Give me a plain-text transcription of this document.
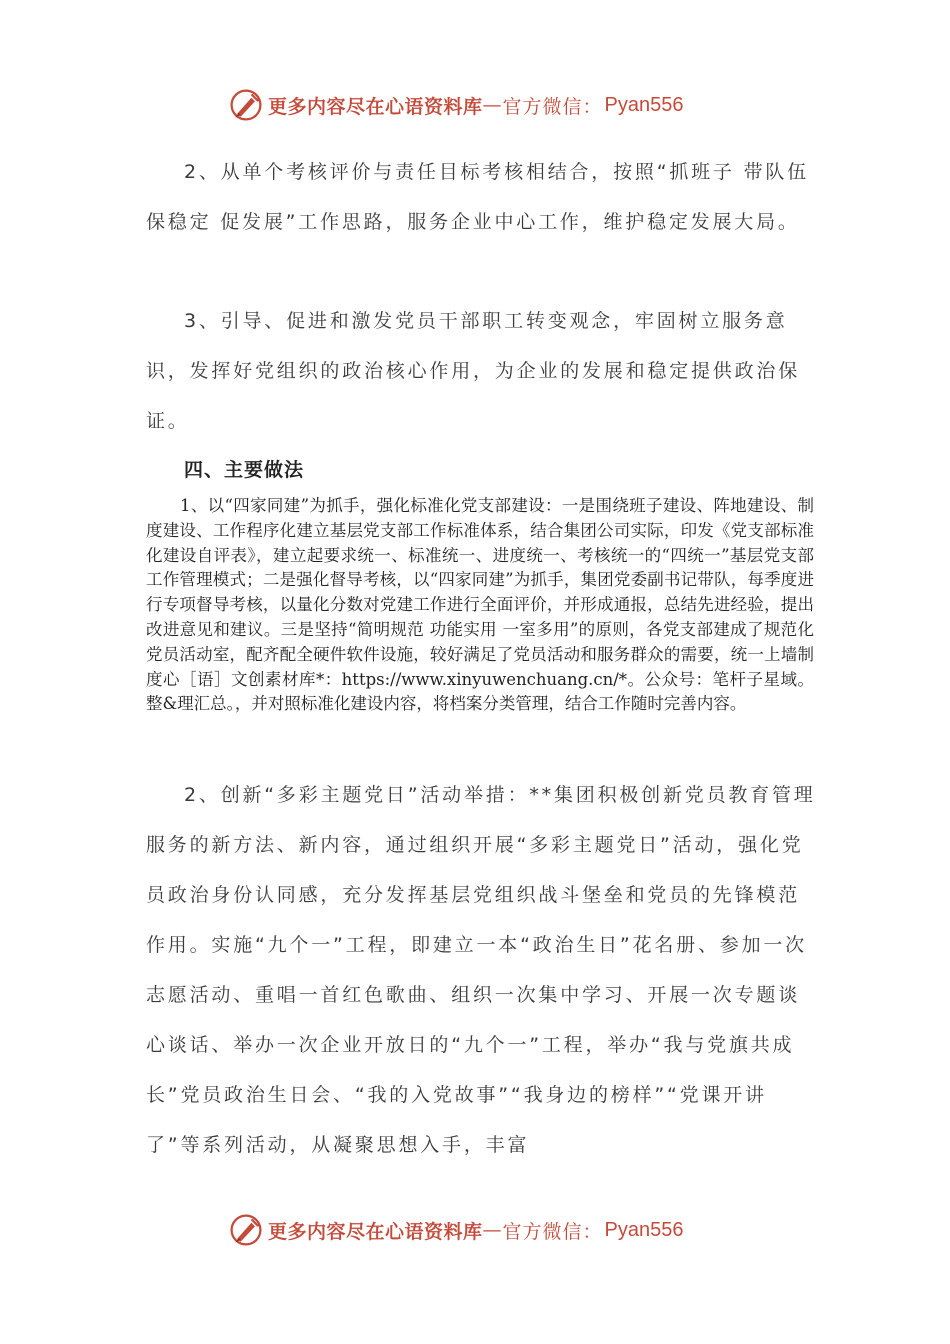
更多内容尽在心语资料库 — 官方微信： Pyan556

2、从单个考核评价与责任目标考核相结合，按照“抓班子 带队伍 保稳定 促发展”工作思路，服务企业中心工作，维护稳定发展大局。

3、引导、促进和激发党员干部职工转变观念，牢固树立服务意识，发挥好党组织的政治核心作用，为企业的发展和稳定提供政治保证。

四、主要做法

1、以“四家同建”为抓手，强化标准化党支部建设：一是围绕班子建设、阵地建设、制度建设、工作程序化建立基层党支部工作标准体系，结合集团公司实际，印发《党支部标准化建设自评表》，建立起要求统一、标准统一、进度统一、考核统一的“四统一”基层党支部工作管理模式；二是强化督导考核，以“四家同建”为抓手，集团党委副书记带队，每季度进行专项督导考核，以量化分数对党建工作进行全面评价，并形成通报，总结先进经验，提出改进意见和建议。三是坚持“简明规范 功能实用 一室多用”的原则，各党支部建成了规范化党员活动室，配齐配全硬件软件设施，较好满足了党员活动和服务群众的需要，统一上墙制度心［语］文创素材库*：https://www.xinyuwenchuang.cn/*。公众号：笔杆子星域。整&理汇总。，并对照标准化建设内容，将档案分类管理，结合工作随时完善内容。

2、创新“多彩主题党日”活动举措：**集团积极创新党员教育管理服务的新方法、新内容，通过组织开展“多彩主题党日”活动，强化党员政治身份认同感，充分发挥基层党组织战斗堡垒和党员的先锋模范作用。实施“九个一”工程，即建立一本“政治生日”花名册、参加一次志愿活动、重唱一首红色歌曲、组织一次集中学习、开展一次专题谈心谈话、举办一次企业开放日的“九个一”工程，举办“我与党旗共成长”党员政治生日会、“我的入党故事”“我身边的榜样”“党课开讲了”等系列活动，从凝聚思想入手，丰富

更多内容尽在心语资料库 — 官方微信： Pyan556
